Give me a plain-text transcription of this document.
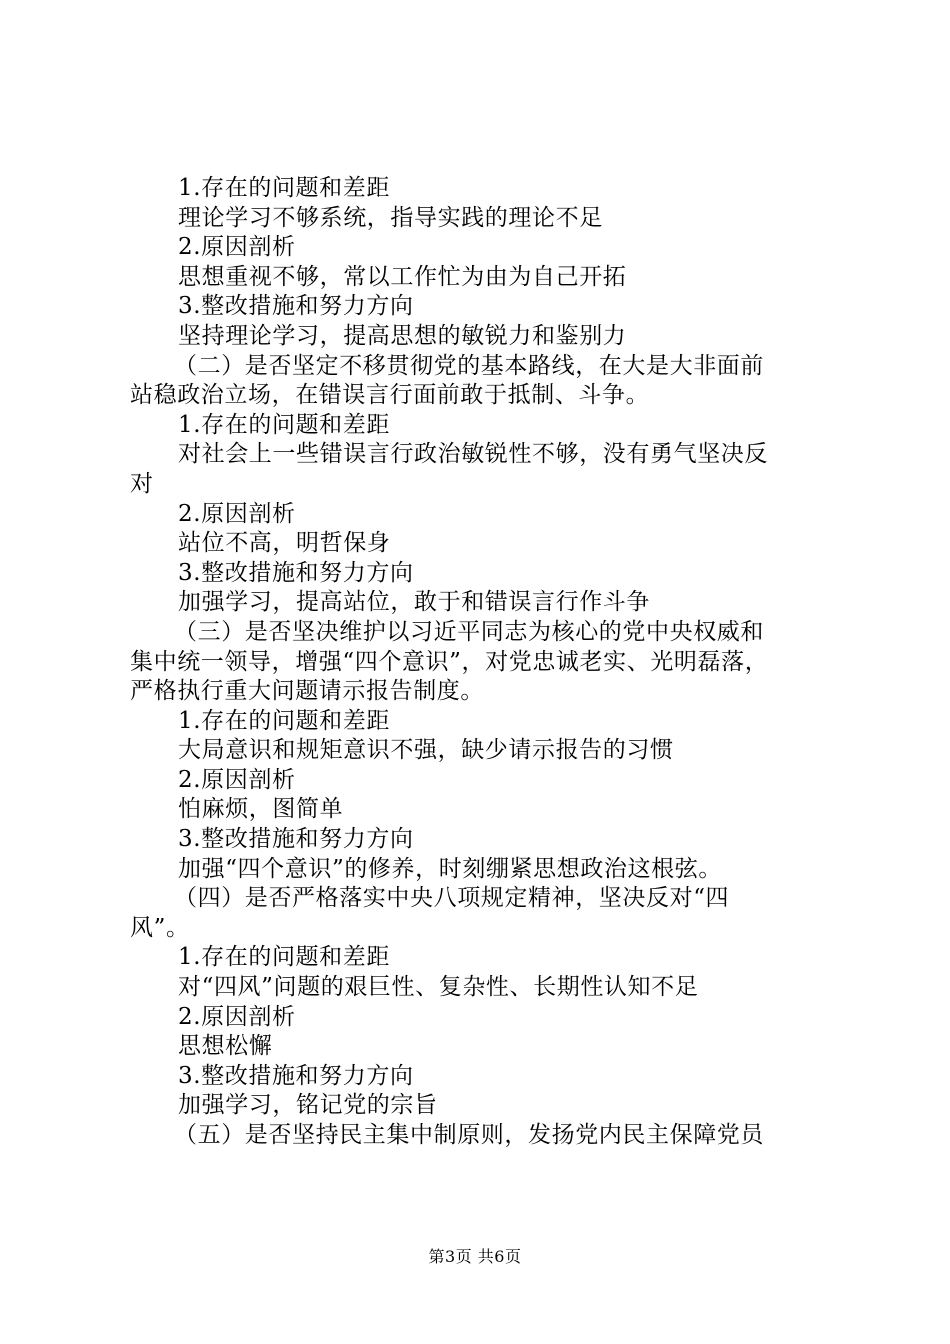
1.存在的问题和差距
理论学习不够系统，指导实践的理论不足
2.原因剖析
思想重视不够，常以工作忙为由为自己开拓
3.整改措施和努力方向
坚持理论学习，提高思想的敏锐力和鉴别力
（二）是否坚定不移贯彻党的基本路线，在大是大非面前
站稳政治立场，在错误言行面前敢于抵制、斗争。
1.存在的问题和差距
对社会上一些错误言行政治敏锐性不够，没有勇气坚决反
对
2.原因剖析
站位不高，明哲保身
3.整改措施和努力方向
加强学习，提高站位，敢于和错误言行作斗争
（三）是否坚决维护以习近平同志为核心的党中央权威和
集中统一领导，增强“四个意识”，对党忠诚老实、光明磊落，
严格执行重大问题请示报告制度。
1.存在的问题和差距
大局意识和规矩意识不强，缺少请示报告的习惯
2.原因剖析
怕麻烦，图简单
3.整改措施和努力方向
加强“四个意识”的修养，时刻绷紧思想政治这根弦。
（四）是否严格落实中央八项规定精神，坚决反对“四
风”。
1.存在的问题和差距
对“四风”问题的艰巨性、复杂性、长期性认知不足
2.原因剖析
思想松懈
3.整改措施和努力方向
加强学习，铭记党的宗旨
（五）是否坚持民主集中制原则，发扬党内民主保障党员
第3页 共6页
